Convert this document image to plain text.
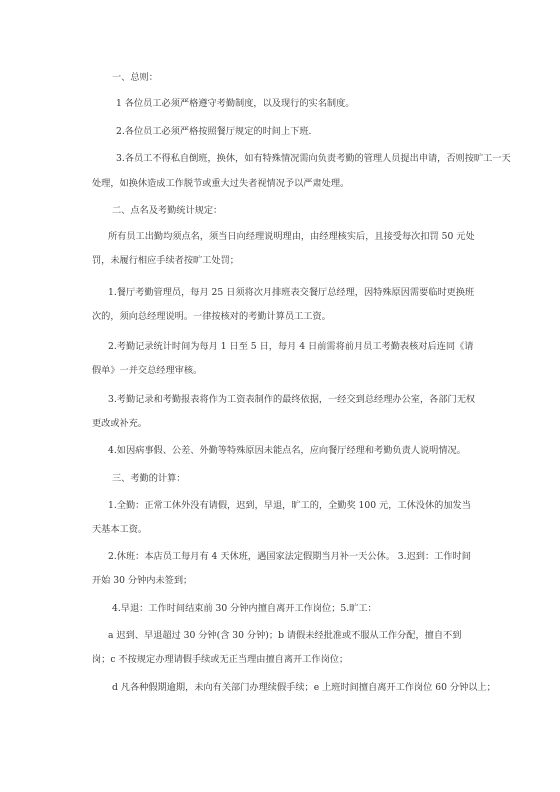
一、总则：
1 各位员工必须严格遵守考勤制度，以及现行的实名制度。
2.各位员工必须严格按照餐厅规定的时间上下班.
3.各员工不得私自倒班，换休，如有特殊情况需向负责考勤的管理人员提出申请，否则按旷工一天
处理，如换休造成工作脱节或重大过失者视情况予以严肃处理。
二、点名及考勤统计规定：
所有员工出勤均须点名，须当日向经理说明理由，由经理核实后，且接受每次扣罚 50 元处罚，未履行相应手续者按旷工处罚；
1.餐厅考勤管理员，每月 25 日须将次月排班表交餐厅总经理，因特殊原因需要临时更换班次的，须向总经理说明。一律按核对的考勤计算员工工资。
2.考勤记录统计时间为每月 1 日至 5 日，每月 4 日前需将前月员工考勤表核对后连同《请假单》一并交总经理审核。
3.考勤记录和考勤报表将作为工资表制作的最终依据，一经交到总经理办公室，各部门无权更改或补充。
4.如因病事假、公差、外勤等特殊原因未能点名，应向餐厅经理和考勤负责人说明情况。
三、考勤的计算：
1.全勤：正常工休外没有请假，迟到，早退，旷工的，全勤奖 100 元，工休没休的加发当天基本工资。
2.休班：本店员工每月有 4 天休班，遇国家法定假期当月补一天公休。 3.迟到：工作时间开始 30 分钟内未签到；
4.早退：工作时间结束前 30 分钟内擅自离开工作岗位；5.旷工：
a 迟到、早退超过 30 分钟(含 30 分钟)；b 请假未经批准或不服从工作分配，擅自不到岗；c 不按规定办理请假手续或无正当理由擅自离开工作岗位；
d 凡各种假期逾期，未向有关部门办理续假手续；e 上班时间擅自离开工作岗位 60 分钟以上；
